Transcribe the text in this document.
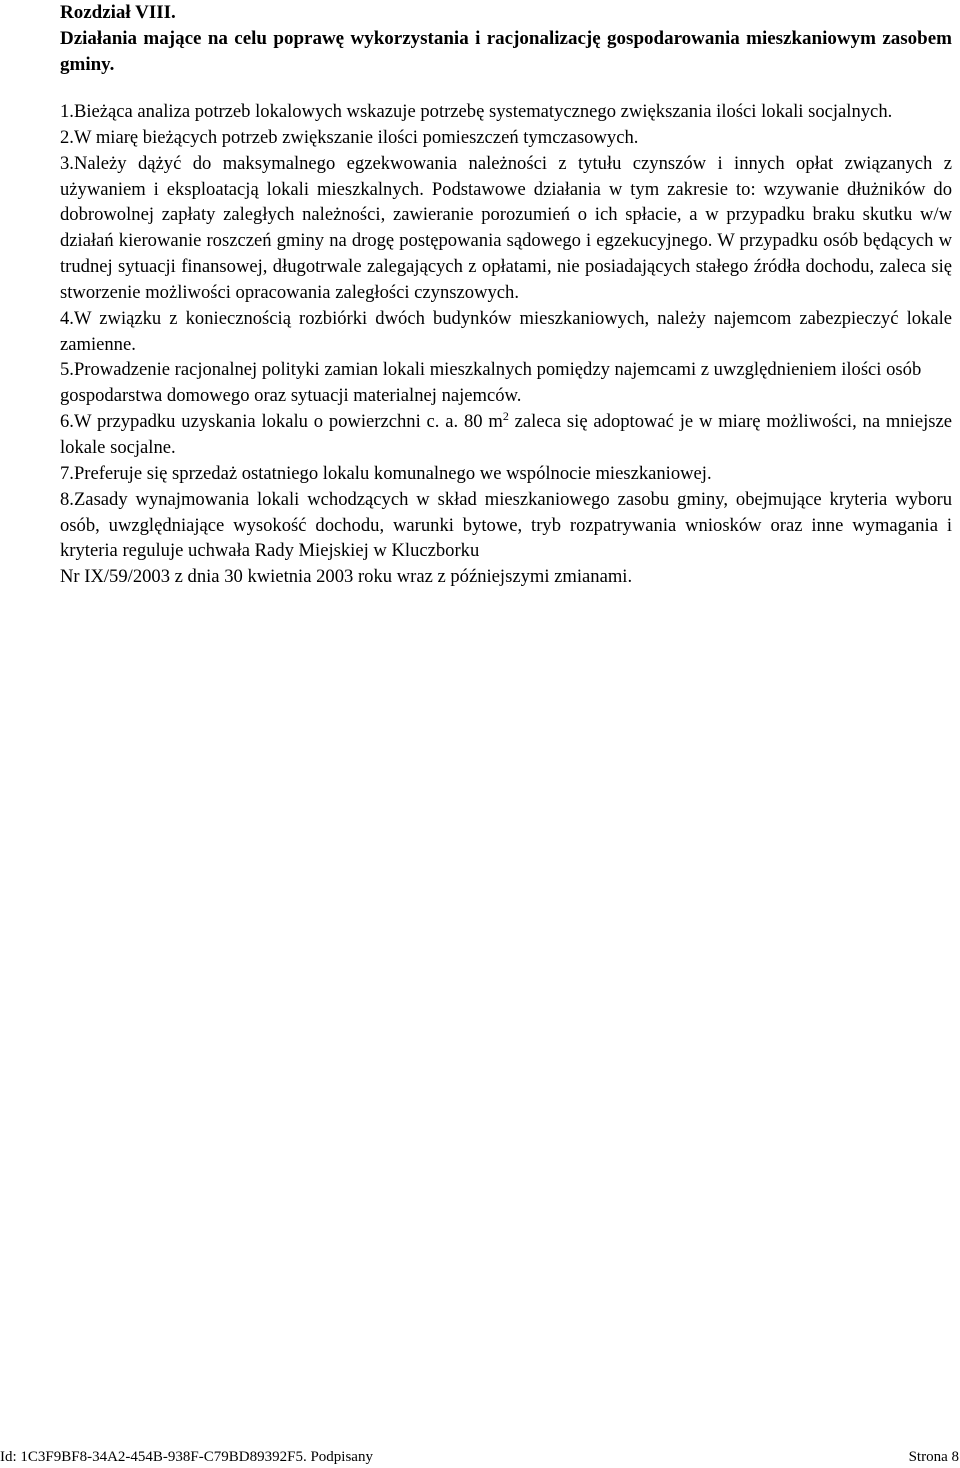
Rozdział VIII.
Działania mające na celu poprawę wykorzystania i racjonalizację gospodarowania mieszkaniowym zasobem gminy.

1.Bieżąca analiza potrzeb lokalowych wskazuje potrzebę systematycznego zwiększania ilości lokali socjalnych.

2.W miarę bieżących potrzeb zwiększanie ilości pomieszczeń tymczasowych.

3.Należy dążyć do maksymalnego egzekwowania należności z tytułu czynszów i innych opłat związanych z używaniem i eksploatacją lokali mieszkalnych. Podstawowe działania w tym zakresie to: wzywanie dłużników do dobrowolnej zapłaty zaległych należności, zawieranie porozumień o ich spłacie, a w przypadku braku skutku w/w działań kierowanie roszczeń gminy na drogę postępowania sądowego i egzekucyjnego. W przypadku osób będących w trudnej sytuacji finansowej, długotrwale zalegających z opłatami, nie posiadających stałego źródła dochodu, zaleca się stworzenie możliwości opracowania zaległości czynszowych.

4.W związku z koniecznością rozbiórki dwóch budynków mieszkaniowych, należy najemcom zabezpieczyć lokale zamienne.

5.Prowadzenie racjonalnej polityki zamian lokali mieszkalnych pomiędzy najemcami z uwzględnieniem ilości osób gospodarstwa domowego oraz sytuacji materialnej najemców.

6.W przypadku uzyskania lokalu o powierzchni c. a. 80 $m^2$ zaleca się adoptować je w miarę możliwości, na mniejsze lokale socjalne.

7.Preferuje się sprzedaż ostatniego lokalu komunalnego we wspólnocie mieszkaniowej.

8.Zasady wynajmowania lokali wchodzących w skład mieszkaniowego zasobu gminy, obejmujące kryteria wyboru osób, uwzględniające wysokość dochodu, warunki bytowe, tryb rozpatrywania wniosków oraz inne wymagania i kryteria reguluje uchwała Rady Miejskiej w Kluczborku

Nr IX/59/2003 z dnia 30 kwietnia 2003 roku wraz z późniejszymi zmianami.

Id: 1C3F9BF8-34A2-454B-938F-C79BD89392F5. Podpisany	Strona 8
